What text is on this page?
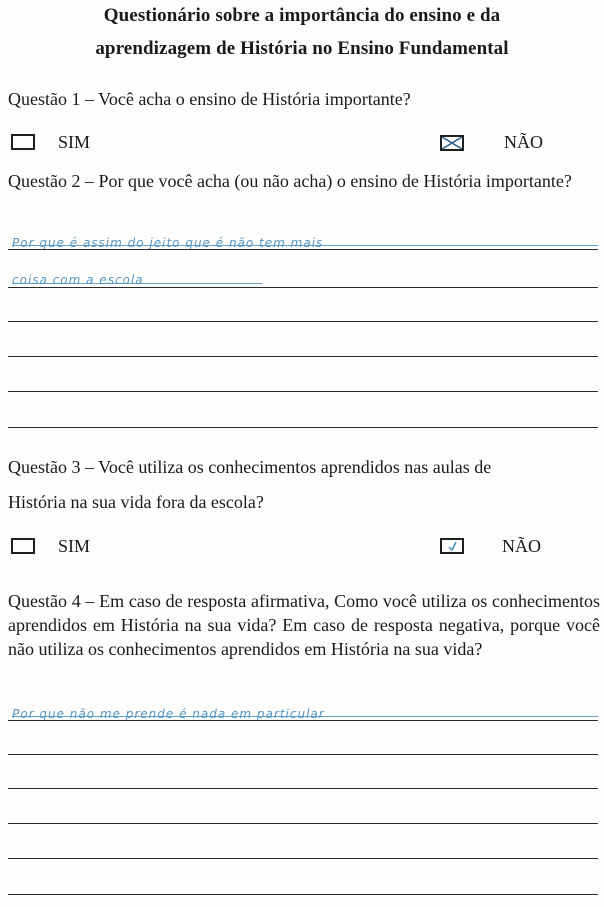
Questionário sobre a importância do ensino e da
aprendizagem de História no Ensino Fundamental
Questão 1 – Você acha o ensino de História importante?
SIM	NÃO
Questão 2 – Por que você acha (ou não acha) o ensino de História importante?
Por que é assim do jeito que é não tem mais
coisa com a escola
Questão 3 – Você utiliza os conhecimentos aprendidos nas aulas de
História na sua vida fora da escola?
SIM	NÃO
Questão 4 – Em caso de resposta afirmativa, Como você utiliza os conhecimentos aprendidos em História na sua vida? Em caso de resposta negativa, porque você não utiliza os conhecimentos aprendidos em História na sua vida?
Por que não me prende é nada em particular
